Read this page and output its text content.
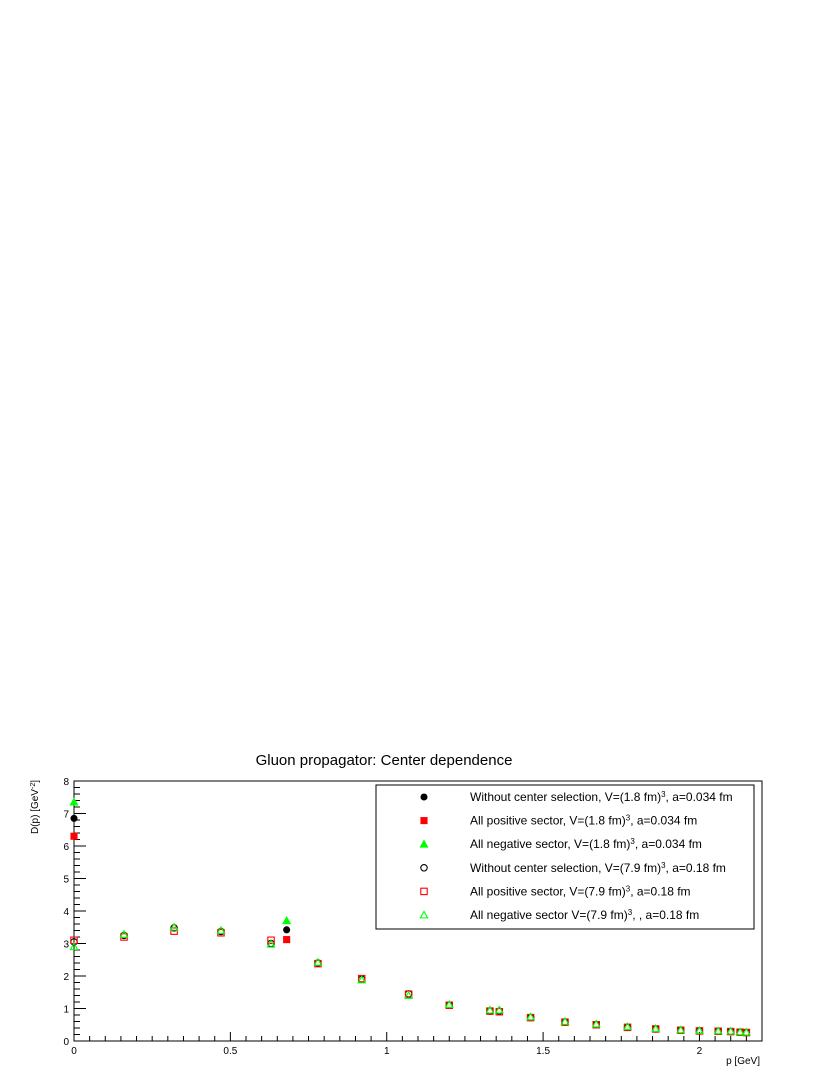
Gluon propagator: Center dependence
p [GeV]
D(p) [GeV$^{-2}$]
0	0.5	1	1.5	2
0
1
2
3
4
5
6
7
8
Without center selection, V=(1.8 fm)$^3$, a=0.034 fm
All positive sector, V=(1.8 fm)$^3$, a=0.034 fm
All negative sector, V=(1.8 fm)$^3$, a=0.034 fm
Without center selection, V=(7.9 fm)$^3$, a=0.18 fm
All positive sector, V=(7.9 fm)$^3$, a=0.18 fm
All negative sector V=(7.9 fm)$^3$, , a=0.18 fm
